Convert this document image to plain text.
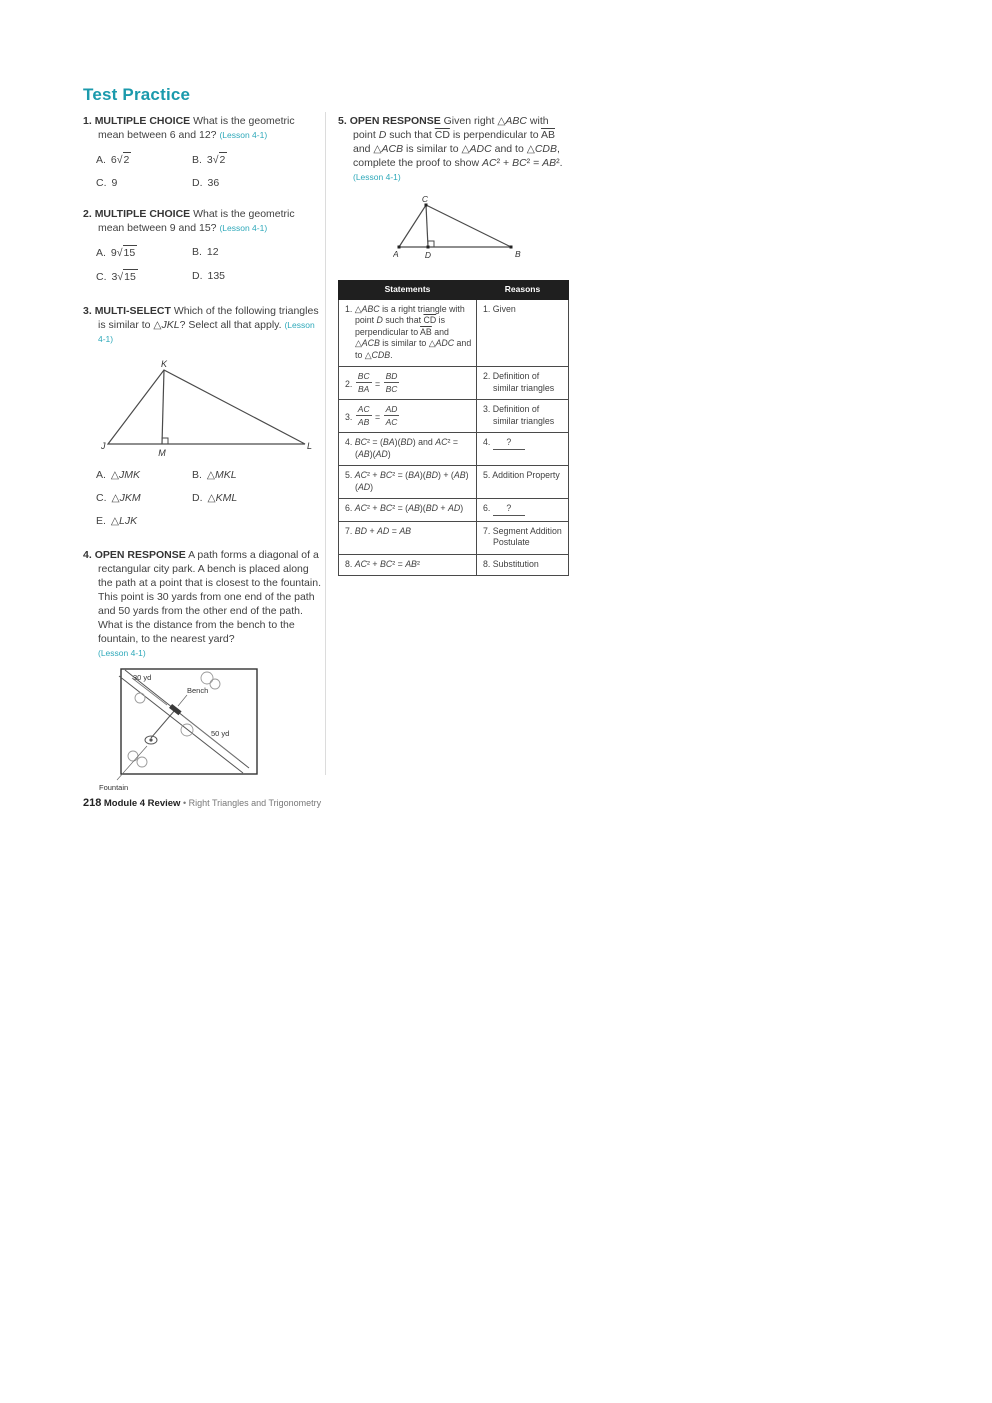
Test Practice
1. MULTIPLE CHOICE What is the geometric mean between 6 and 12? (Lesson 4-1)
A. 6√2	B. 3√2
C. 9	D. 36
2. MULTIPLE CHOICE What is the geometric mean between 9 and 15? (Lesson 4-1)
A. 9√15	B. 12
C. 3√15	D. 135
3. MULTI-SELECT Which of the following triangles is similar to △JKL? Select all that apply. (Lesson 4-1)
K
J	L
M
A. △JMK	B. △MKL
C. △JKM	D. △KML
E. △LJK
4. OPEN RESPONSE A path forms a diagonal of a rectangular city park. A bench is placed along the path at a point that is closest to the fountain. This point is 30 yards from one end of the path and 50 yards from the other end of the path. What is the distance from the bench to the fountain, to the nearest yard?
(Lesson 4-1)
30 yd
Bench
50 yd
Fountain
5. OPEN RESPONSE Given right △ABC with point D such that $\overline{CD}$ is perpendicular to $\overline{AB}$ and △ACB is similar to △ADC and to △CDB, complete the proof to show AC² + BC² = AB². (Lesson 4-1)
C
A	B
D
Statements	Reasons
1. △ABC is a right triangle with point D such that $\overline{CD}$ is perpendicular to $\overline{AB}$ and △ACB is similar to △ADC and to △CDB.	1. Given
2. $\frac{BC}{BA} = \frac{BD}{BC}$	2. Definition of similar triangles
3. $\frac{AC}{AB} = \frac{AD}{AC}$	3. Definition of similar triangles
4. BC² = (BA)(BD) and AC² = (AB)(AD)	4. ?
5. AC² + BC² = (BA)(BD) + (AB)(AD)	5. Addition Property
6. AC² + BC² = (AB)(BD + AD)	6. ?
7. BD + AD = AB	7. Segment Addition Postulate
8. AC² + BC² = AB²	8. Substitution
218 Module 4 Review • Right Triangles and Trigonometry
